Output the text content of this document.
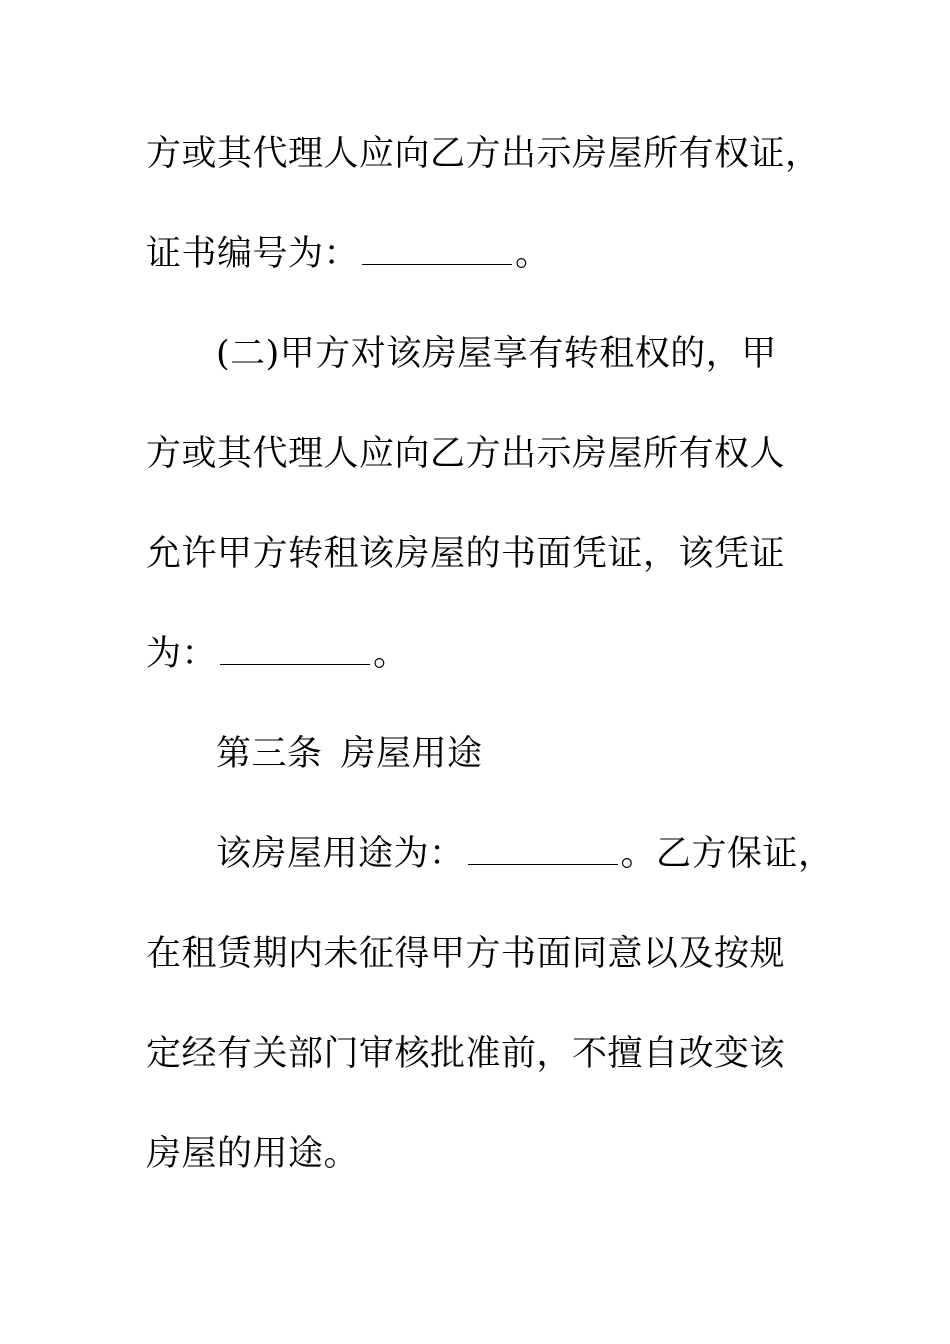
方或其代理人应向乙方出示房屋所有权证，
证书编号为：	。
(二)甲方对该房屋享有转租权的，甲
方或其代理人应向乙方出示房屋所有权人
允许甲方转租该房屋的书面凭证，该凭证
为：	。
第三条 房屋用途
该房屋用途为：	。乙方保证，
在租赁期内未征得甲方书面同意以及按规
定经有关部门审核批准前，不擅自改变该
房屋的用途。
